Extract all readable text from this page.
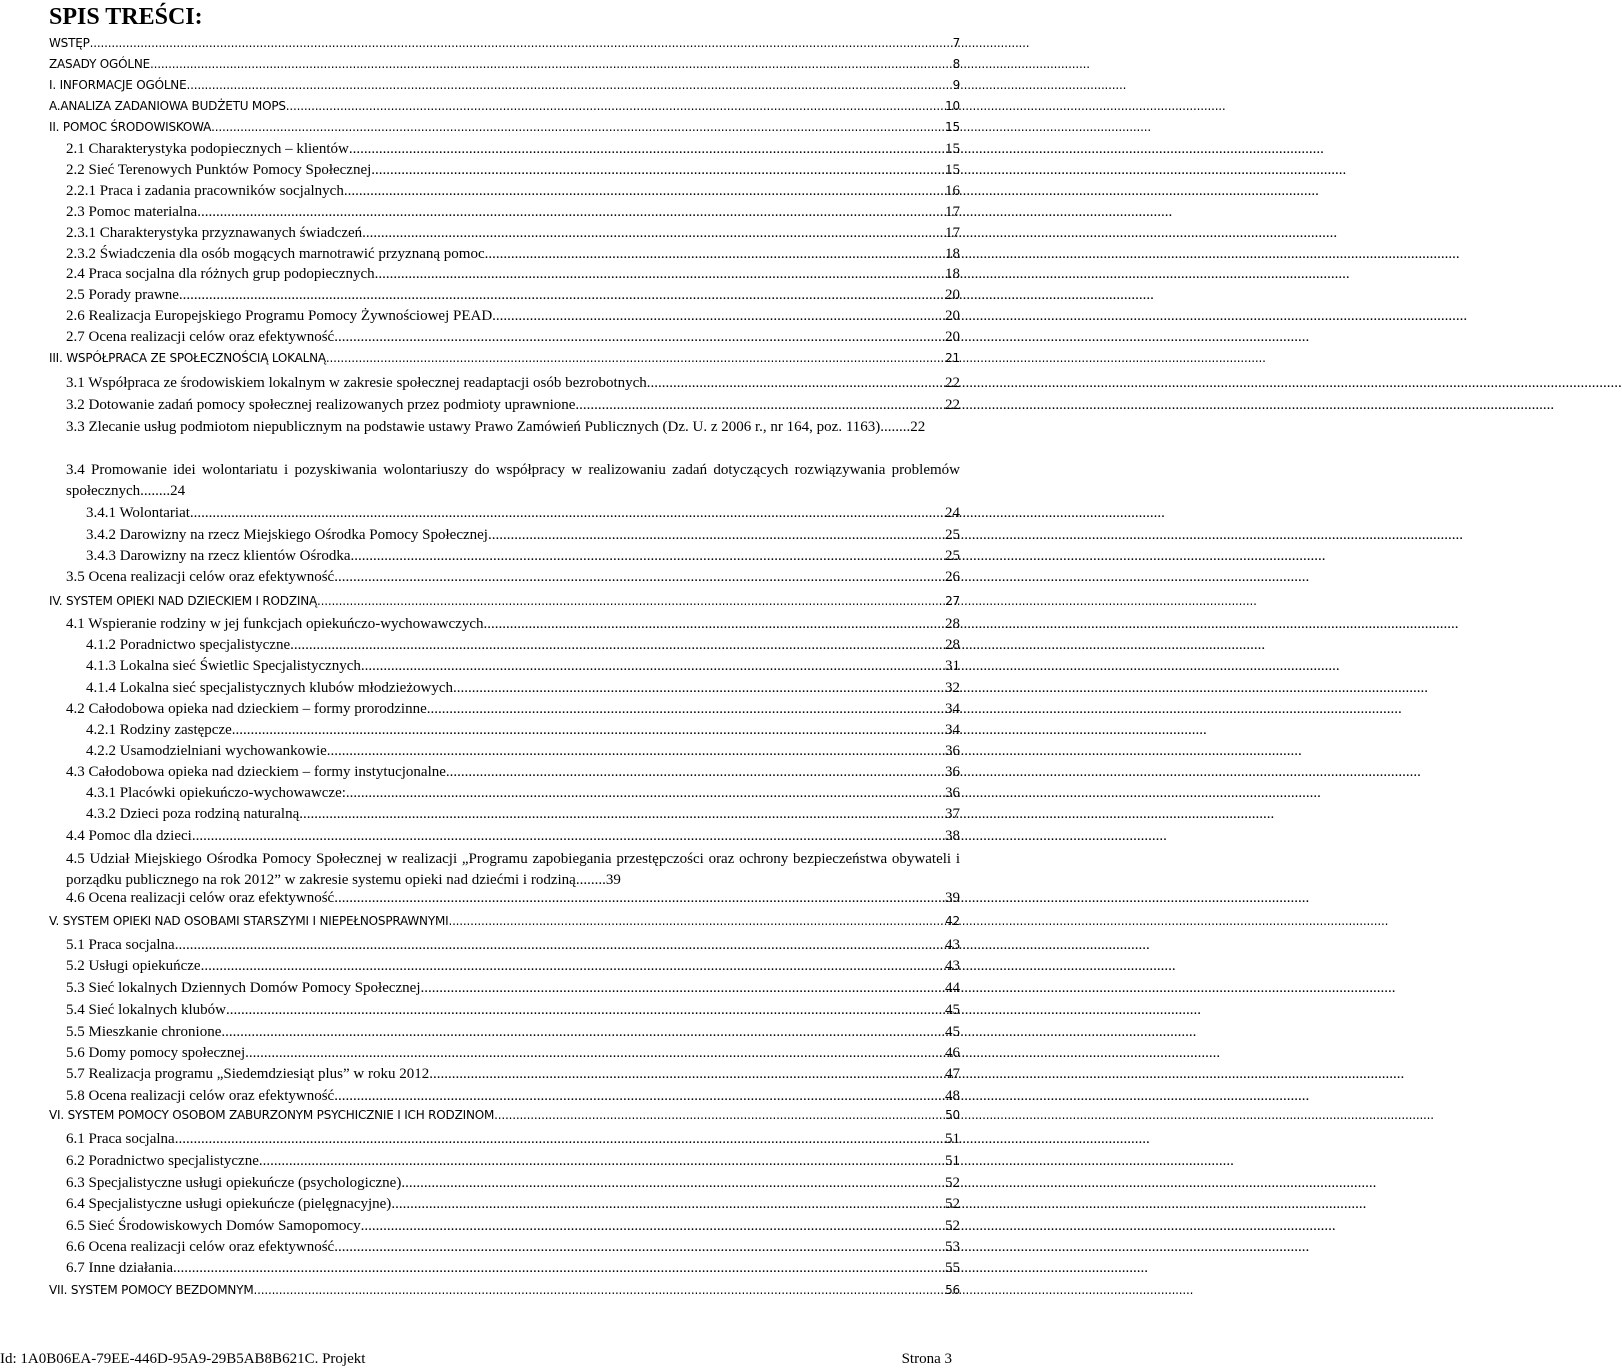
SPIS TREŚCI:
WSTĘP .....	7
ZASADY OGÓLNE .....	8
I. INFORMACJE OGÓLNE .....	9
A.ANALIZA ZADANIOWA BUDŻETU MOPS .....	10
II. POMOC ŚRODOWISKOWA .....	15
2.1 Charakterystyka podopiecznych – klientów .....	15
2.2 Sieć Terenowych Punktów Pomocy Społecznej .....	15
2.2.1 Praca i zadania pracowników socjalnych .....	16
2.3 Pomoc materialna .....	17
2.3.1 Charakterystyka przyznawanych świadczeń .....	17
2.3.2 Świadczenia dla osób mogących marnotrawić przyznaną pomoc .....	18
2.4 Praca socjalna dla różnych grup podopiecznych .....	18
2.5 Porady prawne .....	20
2.6 Realizacja Europejskiego Programu Pomocy Żywnościowej PEAD .....	20
2.7 Ocena realizacji celów oraz efektywność .....	20
III. WSPÓŁPRACA ZE SPOŁECZNOŚCIĄ LOKALNĄ .....	21
3.1 Współpraca ze środowiskiem lokalnym w zakresie społecznej readaptacji osób bezrobotnych .....	22
3.2 Dotowanie zadań pomocy społecznej realizowanych przez podmioty uprawnione. .....	22
3.3 Zlecanie usług podmiotom niepublicznym na podstawie ustawy Prawo Zamówień Publicznych (Dz. U. z 2006 r., nr 164, poz. 1163)........22
3.4 Promowanie idei wolontariatu i pozyskiwania wolontariuszy do współpracy w realizowaniu zadań dotyczących rozwiązywania problemów społecznych........24
3.4.1 Wolontariat .....	24
3.4.2 Darowizny na rzecz Miejskiego Ośrodka Pomocy Społecznej .....	25
3.4.3 Darowizny na rzecz klientów Ośrodka .....	25
3.5 Ocena realizacji celów oraz efektywność .....	26
IV. SYSTEM OPIEKI NAD DZIECKIEM I RODZINĄ .....	27
4.1 Wspieranie rodziny w jej funkcjach opiekuńczo-wychowawczych .....	28
4.1.2 Poradnictwo specjalistyczne .....	28
4.1.3 Lokalna sieć Świetlic Specjalistycznych. .....	31
4.1.4 Lokalna sieć specjalistycznych klubów młodzieżowych .....	32
4.2 Całodobowa opieka nad dzieckiem – formy prorodzinne .....	34
4.2.1 Rodziny zastępcze .....	34
4.2.2 Usamodzielniani wychowankowie .....	36
4.3 Całodobowa opieka nad dzieckiem – formy instytucjonalne .....	36
4.3.1 Placówki opiekuńczo-wychowawcze: .....	36
4.3.2 Dzieci poza rodziną naturalną .....	37
4.4 Pomoc dla dzieci .....	38
4.5 Udział Miejskiego Ośrodka Pomocy Społecznej w realizacji „Programu zapobiegania przestępczości oraz ochrony bezpieczeństwa obywateli i porządku publicznego na rok 2012” w zakresie systemu opieki nad dziećmi i rodziną........39
4.6 Ocena realizacji celów oraz efektywność .....	39
V. SYSTEM OPIEKI NAD OSOBAMI STARSZYMI I NIEPEŁNOSPRAWNYMI .....	42
5.1 Praca socjalna .....	43
5.2 Usługi opiekuńcze .....	43
5.3 Sieć lokalnych Dziennych Domów Pomocy Społecznej .....	44
5.4 Sieć lokalnych klubów .....	45
5.5 Mieszkanie chronione .....	45
5.6 Domy pomocy społecznej .....	46
5.7 Realizacja programu „Siedemdziesiąt plus” w roku 2012 .....	47
5.8 Ocena realizacji celów oraz efektywność .....	48
VI. SYSTEM POMOCY OSOBOM ZABURZONYM PSYCHICZNIE I ICH RODZINOM .....	50
6.1 Praca socjalna .....	51
6.2 Poradnictwo specjalistyczne .....	51
6.3 Specjalistyczne usługi opiekuńcze (psychologiczne) .....	52
6.4 Specjalistyczne usługi opiekuńcze (pielęgnacyjne) .....	52
6.5 Sieć Środowiskowych Domów Samopomocy .....	52
6.6 Ocena realizacji celów oraz efektywność .....	53
6.7 Inne działania .....	55
VII. SYSTEM POMOCY BEZDOMNYM .....	56
Id: 1A0B06EA-79EE-446D-95A9-29B5AB8B621C. Projekt	Strona 3
